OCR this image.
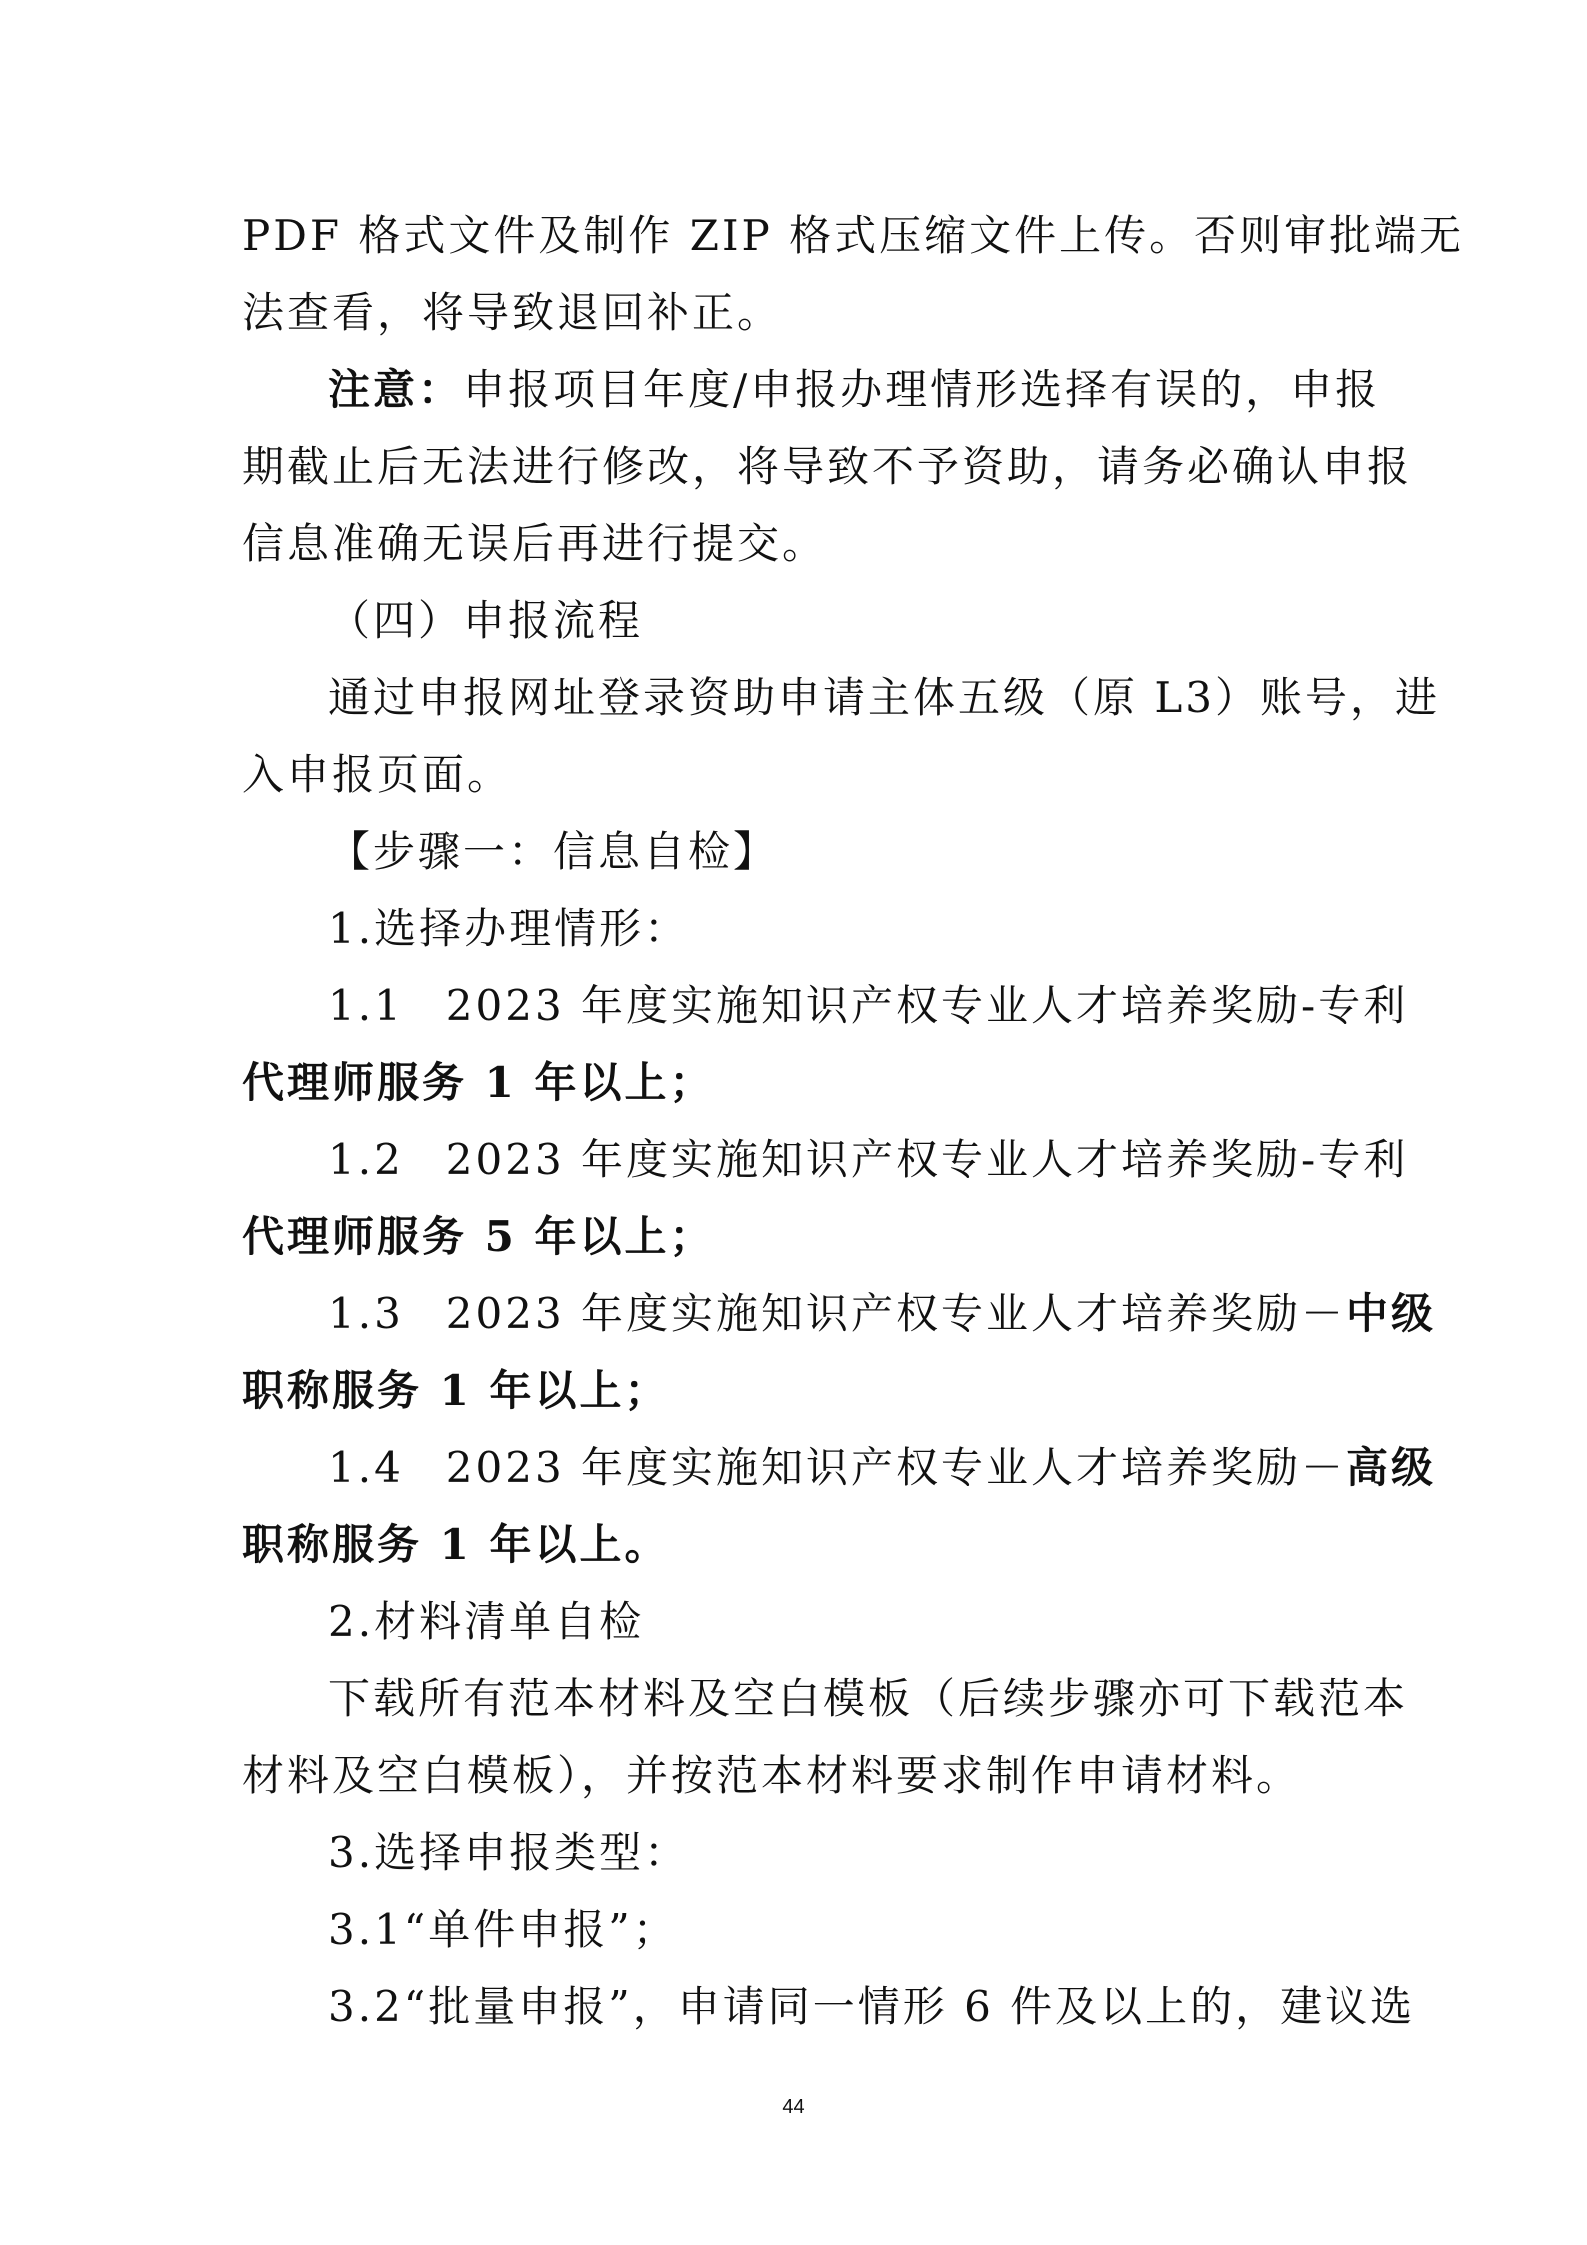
PDF 格式文件及制作 ZIP 格式压缩文件上传。否则审批端无
法查看，将导致退回补正。
注意：申报项目年度/申报办理情形选择有误的，申报
期截止后无法进行修改，将导致不予资助，请务必确认申报
信息准确无误后再进行提交。
（四）申报流程
通过申报网址登录资助申请主体五级（原 L3）账号，进
入申报页面。
【步骤一：信息自检】
1.选择办理情形：
1.1 2023 年度实施知识产权专业人才培养奖励-专利
代理师服务 1 年以上；
1.2 2023 年度实施知识产权专业人才培养奖励-专利
代理师服务 5 年以上；
1.3 2023 年度实施知识产权专业人才培养奖励－中级
职称服务 1 年以上；
1.4 2023 年度实施知识产权专业人才培养奖励－高级
职称服务 1 年以上。
2.材料清单自检
下载所有范本材料及空白模板（后续步骤亦可下载范本
材料及空白模板），并按范本材料要求制作申请材料。
3.选择申报类型：
3.1“单件申报”；
3.2“批量申报”，申请同一情形 6 件及以上的，建议选
44
